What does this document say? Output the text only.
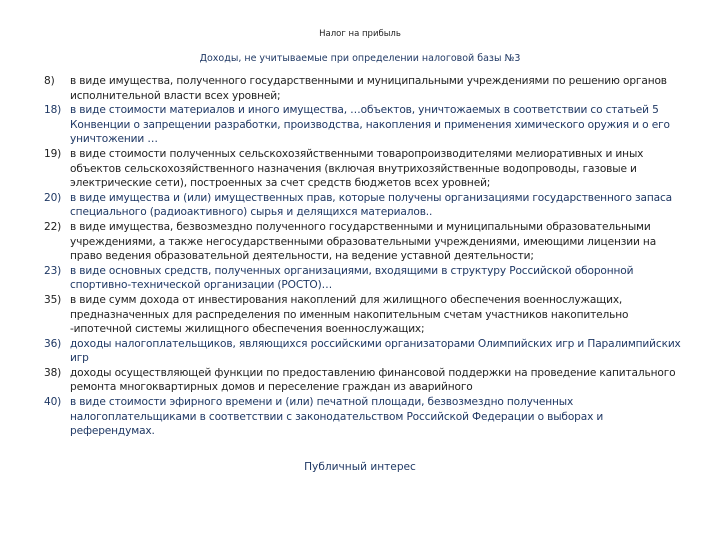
Налог на прибыль
Доходы, не учитываемые при определении налоговой базы №3
8)	в виде имущества, полученного государственными и муниципальными учреждениями по решению органов исполнительной власти всех уровней;
18) в виде стоимости материалов и иного имущества, …объектов, уничтожаемых в соответствии со статьей 5 Конвенции о запрещении разработки, производства, накопления и применения химического оружия и о его уничтожении …
19) в виде стоимости полученных сельскохозяйственными товаропроизводителями мелиоративных и иных объектов сельскохозяйственного назначения (включая внутрихозяйственные водопроводы, газовые и электрические сети), построенных за счет средств бюджетов всех уровней;
20) в виде имущества и (или) имущественных прав, которые получены организациями государственного запаса специального (радиоактивного) сырья и делящихся материалов..
22) в виде имущества, безвозмездно полученного государственными и муниципальными образовательными учреждениями, а также негосударственными образовательными учреждениями, имеющими лицензии на право ведения образовательной деятельности, на ведение уставной деятельности;
23) в виде основных средств, полученных организациями, входящими в структуру Российской оборонной спортивно-технической организации (РОСТО)…
35) в виде сумм дохода от инвестирования накоплений для жилищного обеспечения военнослужащих, предназначенных для распределения по именным накопительным счетам участников накопительно -ипотечной системы жилищного обеспечения военнослужащих;
36) доходы налогоплательщиков, являющихся российскими организаторами Олимпийских игр и Паралимпийских игр
38) доходы осуществляющей функции по предоставлению финансовой поддержки на проведение капитального ремонта многоквартирных домов и переселение граждан из аварийного
40) в виде стоимости эфирного времени и (или) печатной площади, безвозмездно полученных налогоплательщиками в соответствии с законодательством Российской Федерации о выборах и референдумах.
Публичный интерес
